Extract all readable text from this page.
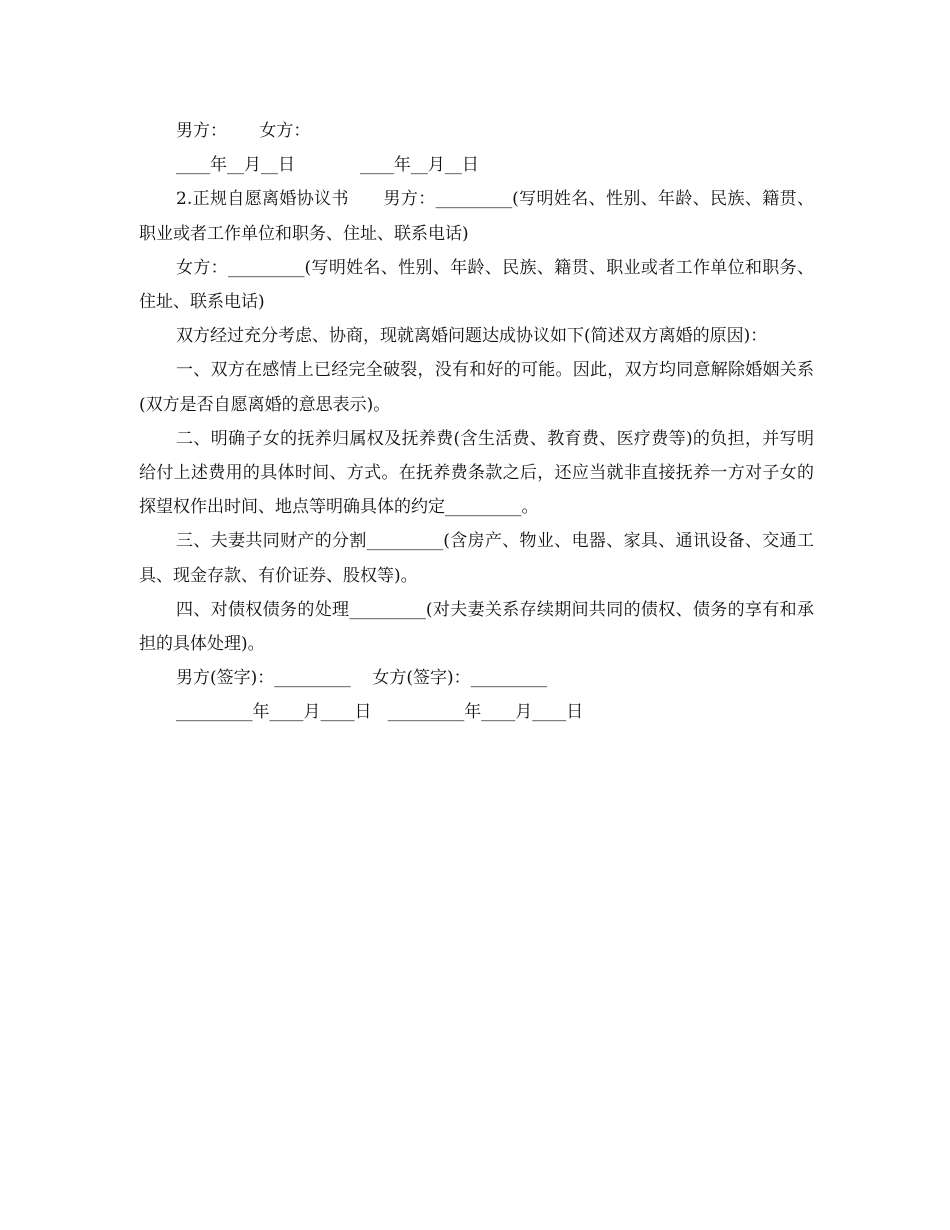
男方：      女方：

____年__月__日            ____年__月__日

2.正规自愿离婚协议书      男方：_________(写明姓名、性别、年龄、民族、籍贯、职业或者工作单位和职务、住址、联系电话)

女方：_________(写明姓名、性别、年龄、民族、籍贯、职业或者工作单位和职务、住址、联系电话)

双方经过充分考虑、协商，现就离婚问题达成协议如下(简述双方离婚的原因)：

一、双方在感情上已经完全破裂，没有和好的可能。因此，双方均同意解除婚姻关系(双方是否自愿离婚的意思表示)。

二、明确子女的抚养归属权及抚养费(含生活费、教育费、医疗费等)的负担，并写明给付上述费用的具体时间、方式。在抚养费条款之后，还应当就非直接抚养一方对子女的探望权作出时间、地点等明确具体的约定_________。

三、夫妻共同财产的分割_________(含房产、物业、电器、家具、通讯设备、交通工具、现金存款、有价证券、股权等)。

四、对债权债务的处理_________(对夫妻关系存续期间共同的债权、债务的享有和承担的具体处理)。

男方(签字)：_________    女方(签字)：_________

_________年____月____日   _________年____月____日
